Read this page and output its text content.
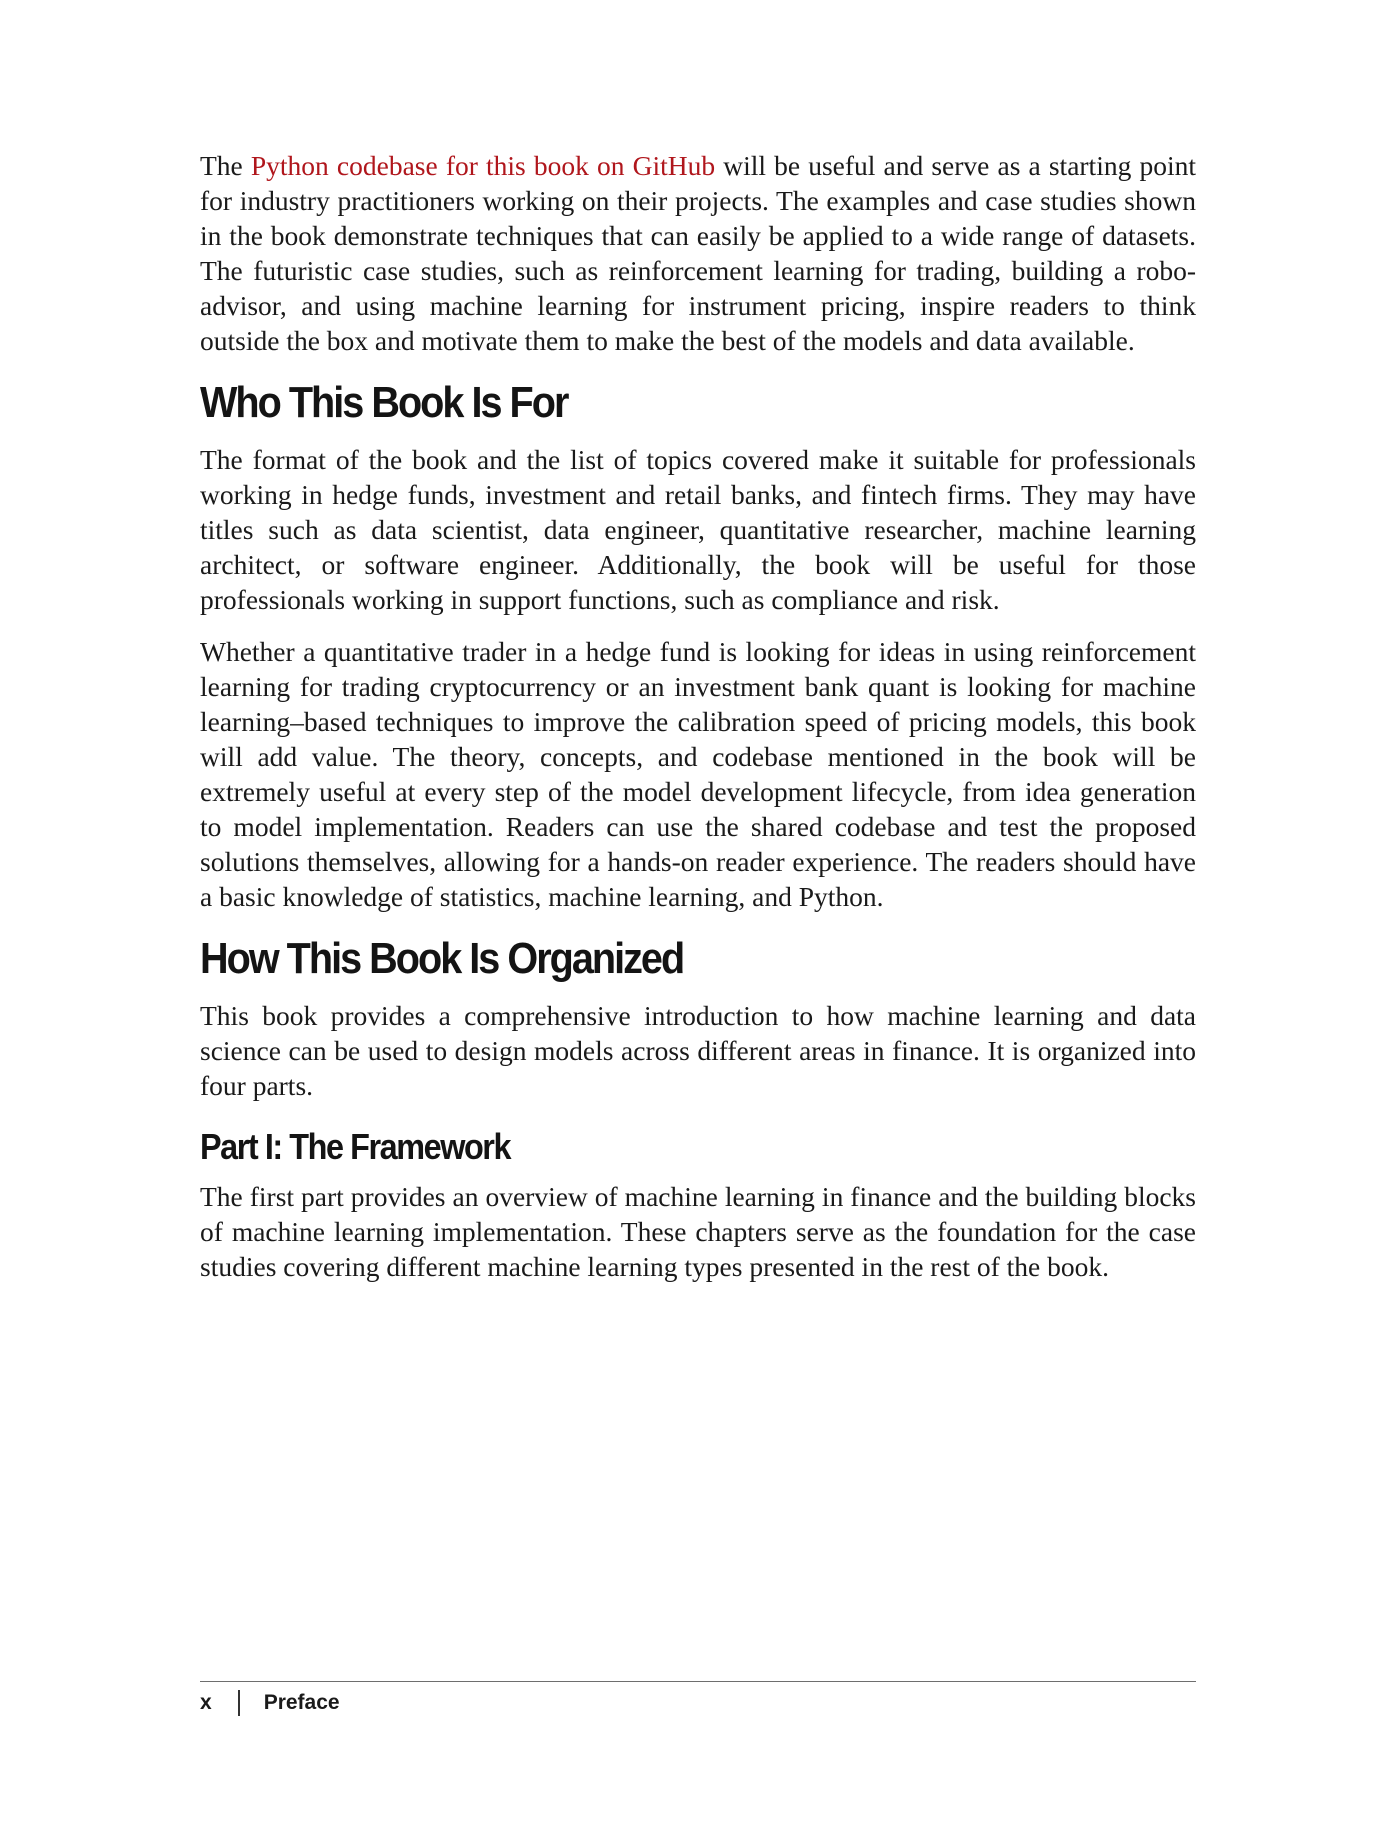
The Python codebase for this book on GitHub will be useful and serve as a starting point for industry practitioners working on their projects. The examples and case studies shown in the book demonstrate techniques that can easily be applied to a wide range of datasets. The futuristic case studies, such as reinforcement learning for trading, building a robo-advisor, and using machine learning for instrument pricing, inspire readers to think outside the box and motivate them to make the best of the models and data available.

Who This Book Is For

The format of the book and the list of topics covered make it suitable for professionals working in hedge funds, investment and retail banks, and fintech firms. They may have titles such as data scientist, data engineer, quantitative researcher, machine learning architect, or software engineer. Additionally, the book will be useful for those professionals working in support functions, such as compliance and risk.

Whether a quantitative trader in a hedge fund is looking for ideas in using reinforcement learning for trading cryptocurrency or an investment bank quant is looking for machine learning–based techniques to improve the calibration speed of pricing models, this book will add value. The theory, concepts, and codebase mentioned in the book will be extremely useful at every step of the model development lifecycle, from idea generation to model implementation. Readers can use the shared codebase and test the proposed solutions themselves, allowing for a hands-on reader experience. The readers should have a basic knowledge of statistics, machine learning, and Python.

How This Book Is Organized

This book provides a comprehensive introduction to how machine learning and data science can be used to design models across different areas in finance. It is organized into four parts.

Part I: The Framework

The first part provides an overview of machine learning in finance and the building blocks of machine learning implementation. These chapters serve as the foundation for the case studies covering different machine learning types presented in the rest of the book.

x Preface
